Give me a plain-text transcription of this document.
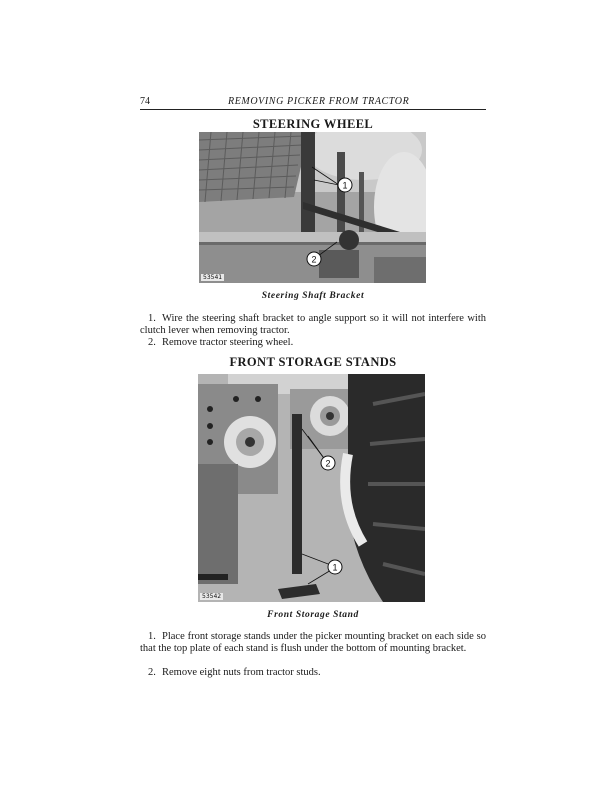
74	REMOVING PICKER FROM TRACTOR
STEERING WHEEL
1
2
53541
Steering Shaft Bracket

1. Wire the steering shaft bracket to angle support so it will not interfere with clutch lever when removing tractor.

2. Remove tractor steering wheel.

FRONT STORAGE STANDS
2
1
53542
Front Storage Stand

1. Place front storage stands under the picker mounting bracket on each side so that the top plate of each stand is flush under the bottom of mounting bracket.

2. Remove eight nuts from tractor studs.
